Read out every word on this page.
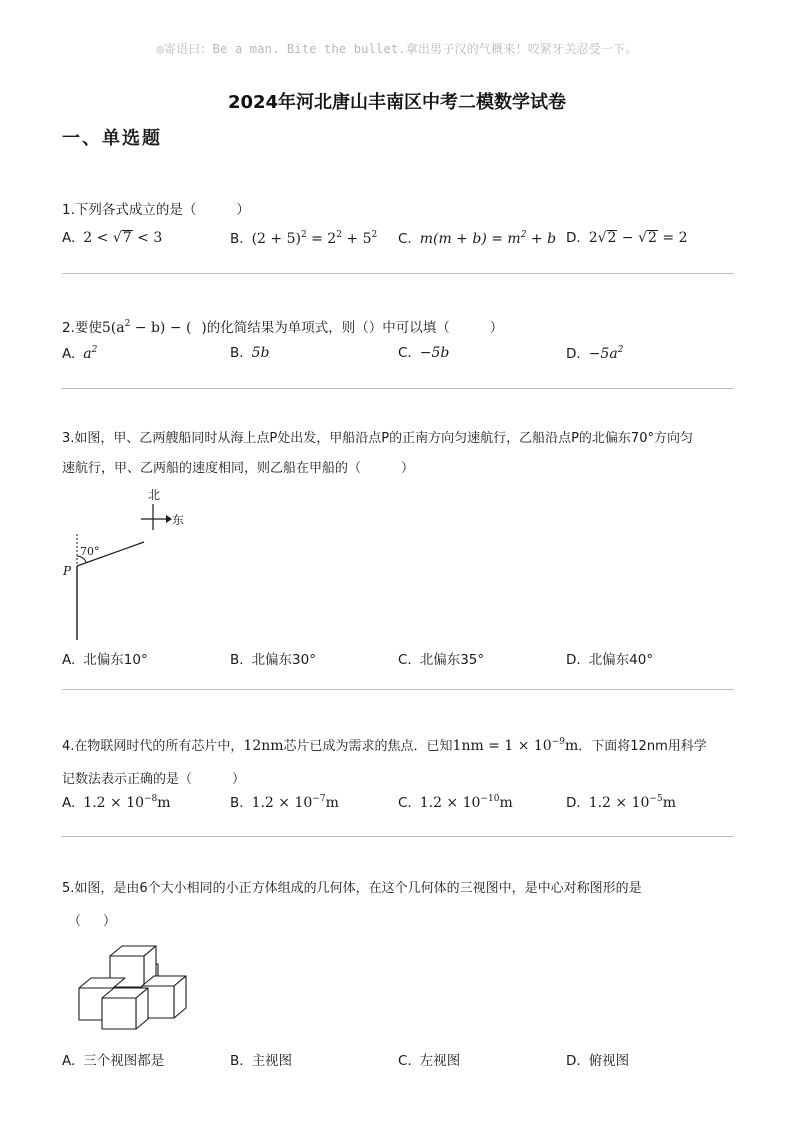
◎寄语曰：Be a man. Bite the bullet.拿出男子汉的气概来！咬紧牙关忍受一下。
2024年河北唐山丰南区中考二模数学试卷
一、单选题
1.下列各式成立的是（	）
A. 2 < √7 < 3	B. $(2 + 5)^2 = 2^2 + 5^2$ C. $m(m + b) = m^2 + b$ D. 2√2 − √2 = 2
2.要使$5(a^2 - b)$ − ( )的化简结果为单项式，则（）中可以填（	）
A. $a^2$	B. 5b	C. −5b	D. $-5a^2$
3.如图，甲、乙两艘船同时从海上点P处出发，甲船沿点P的正南方向匀速航行，乙船沿点P的北偏东70°方向匀
速航行，甲、乙两船的速度相同，则乙船在甲船的（	）
北
东
70°
P
A. 北偏东10°	B. 北偏东30°	C. 北偏东35°	D. 北偏东40°
4.在物联网时代的所有芯片中，12nm芯片已成为需求的焦点．已知$1nm = 1 \times 10^{-9}m$．下面将12nm用科学
记数法表示正确的是（	）
A. $1.2 \times 10^{-8}m$	B. $1.2 \times 10^{-7}m$	C. $1.2 \times 10^{-10}m$	D. $1.2 \times 10^{-5}m$
5.如图，是由6个大小相同的小正方体组成的几何体，在这个几何体的三视图中，是中心对称图形的是
（ ）
A. 三个视图都是	B. 主视图	C. 左视图	D. 俯视图
